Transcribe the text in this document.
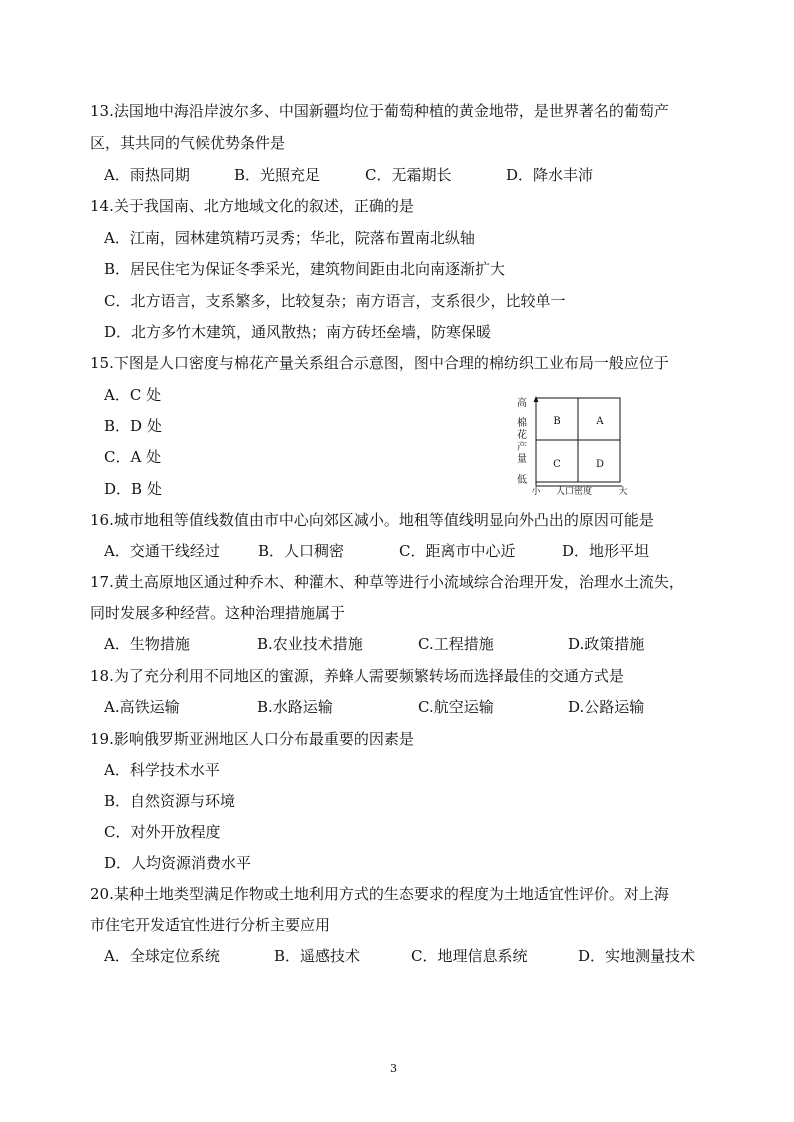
13.法国地中海沿岸波尔多、中国新疆均位于葡萄种植的黄金地带，是世界著名的葡萄产
区，其共同的气候优势条件是
A．雨热同期	B．光照充足	C．无霜期长	D．降水丰沛
14.关于我国南、北方地域文化的叙述，正确的是
A．江南，园林建筑精巧灵秀；华北，院落布置南北纵轴
B．居民住宅为保证冬季采光，建筑物间距由北向南逐渐扩大
C．北方语言，支系繁多，比较复杂；南方语言，支系很少，比较单一
D．北方多竹木建筑，通风散热；南方砖坯垒墙，防寒保暖
15.下图是人口密度与棉花产量关系组合示意图，图中合理的棉纺织工业布局一般应位于
A．C 处
B．D 处
C．A 处
D．B 处
B	A
C	D
高
棉
花
产
量
低
小 人口密度	大
16.城市地租等值线数值由市中心向郊区减小。地租等值线明显向外凸出的原因可能是
A．交通干线经过	B．人口稠密	C．距离市中心近	D．地形平坦
17.黄土高原地区通过种乔木、种灌木、种草等进行小流域综合治理开发，治理水土流失，
同时发展多种经营。这种治理措施属于
A．生物措施	B.农业技术措施	C.工程措施	D.政策措施
18.为了充分利用不同地区的蜜源，养蜂人需要频繁转场而选择最佳的交通方式是
A.高铁运输	B.水路运输	C.航空运输	D.公路运输
19.影响俄罗斯亚洲地区人口分布最重要的因素是
A．科学技术水平
B．自然资源与环境
C．对外开放程度
D．人均资源消费水平
20.某种土地类型满足作物或土地利用方式的生态要求的程度为土地适宜性评价。对上海
市住宅开发适宜性进行分析主要应用
A．全球定位系统	B．遥感技术	C．地理信息系统	D．实地测量技术
3
